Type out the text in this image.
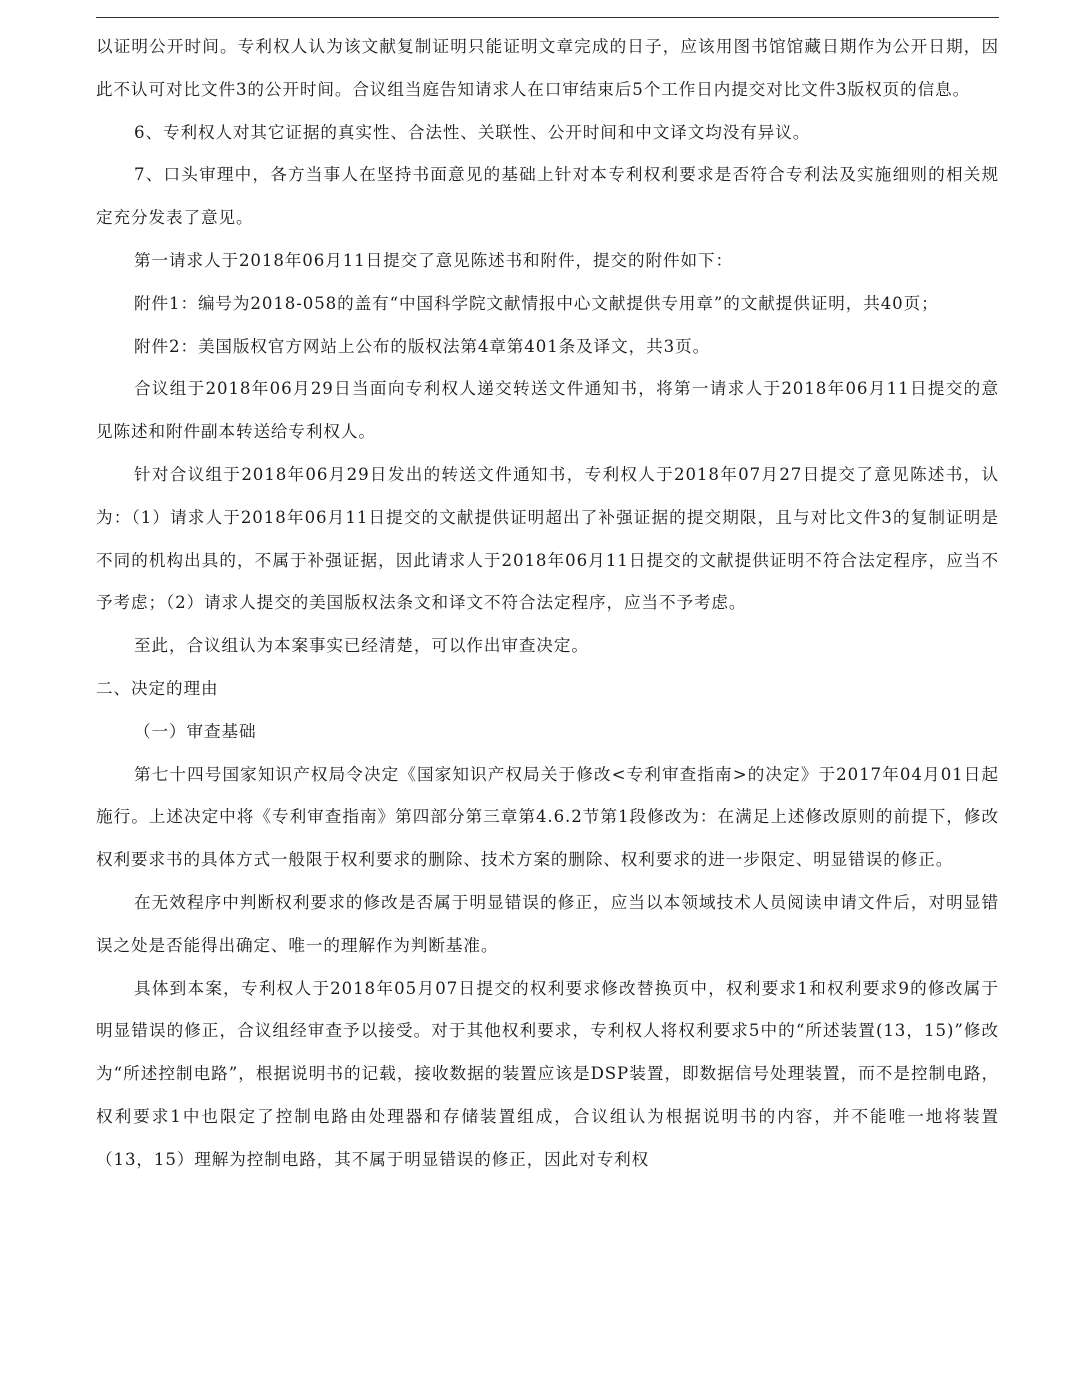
以证明公开时间。专利权人认为该文献复制证明只能证明文章完成的日子，应该用图书馆馆藏日期作为公开日期，因此不认可对比文件3的公开时间。合议组当庭告知请求人在口审结束后5个工作日内提交对比文件3版权页的信息。

6、专利权人对其它证据的真实性、合法性、关联性、公开时间和中文译文均没有异议。

7、口头审理中，各方当事人在坚持书面意见的基础上针对本专利权利要求是否符合专利法及实施细则的相关规定充分发表了意见。

第一请求人于2018年06月11日提交了意见陈述书和附件，提交的附件如下：

附件1：编号为2018-058的盖有“中国科学院文献情报中心文献提供专用章”的文献提供证明，共40页；

附件2：美国版权官方网站上公布的版权法第4章第401条及译文，共3页。

合议组于2018年06月29日当面向专利权人递交转送文件通知书，将第一请求人于2018年06月11日提交的意见陈述和附件副本转送给专利权人。

针对合议组于2018年06月29日发出的转送文件通知书，专利权人于2018年07月27日提交了意见陈述书，认为：（1）请求人于2018年06月11日提交的文献提供证明超出了补强证据的提交期限，且与对比文件3的复制证明是不同的机构出具的，不属于补强证据，因此请求人于2018年06月11日提交的文献提供证明不符合法定程序，应当不予考虑；（2）请求人提交的美国版权法条文和译文不符合法定程序，应当不予考虑。

至此，合议组认为本案事实已经清楚，可以作出审查决定。

二、决定的理由

（一）审查基础

第七十四号国家知识产权局令决定《国家知识产权局关于修改<专利审查指南>的决定》于2017年04月01日起施行。上述决定中将《专利审查指南》第四部分第三章第4.6.2节第1段修改为：在满足上述修改原则的前提下，修改权利要求书的具体方式一般限于权利要求的删除、技术方案的删除、权利要求的进一步限定、明显错误的修正。

在无效程序中判断权利要求的修改是否属于明显错误的修正，应当以本领域技术人员阅读申请文件后，对明显错误之处是否能得出确定、唯一的理解作为判断基准。

具体到本案，专利权人于2018年05月07日提交的权利要求修改替换页中，权利要求1和权利要求9的修改属于明显错误的修正，合议组经审查予以接受。对于其他权利要求，专利权人将权利要求5中的“所述装置(13，15)”修改为“所述控制电路”，根据说明书的记载，接收数据的装置应该是DSP装置，即数据信号处理装置，而不是控制电路，权利要求1中也限定了控制电路由处理器和存储装置组成，合议组认为根据说明书的内容，并不能唯一地将装置（13，15）理解为控制电路，其不属于明显错误的修正，因此对专利权
